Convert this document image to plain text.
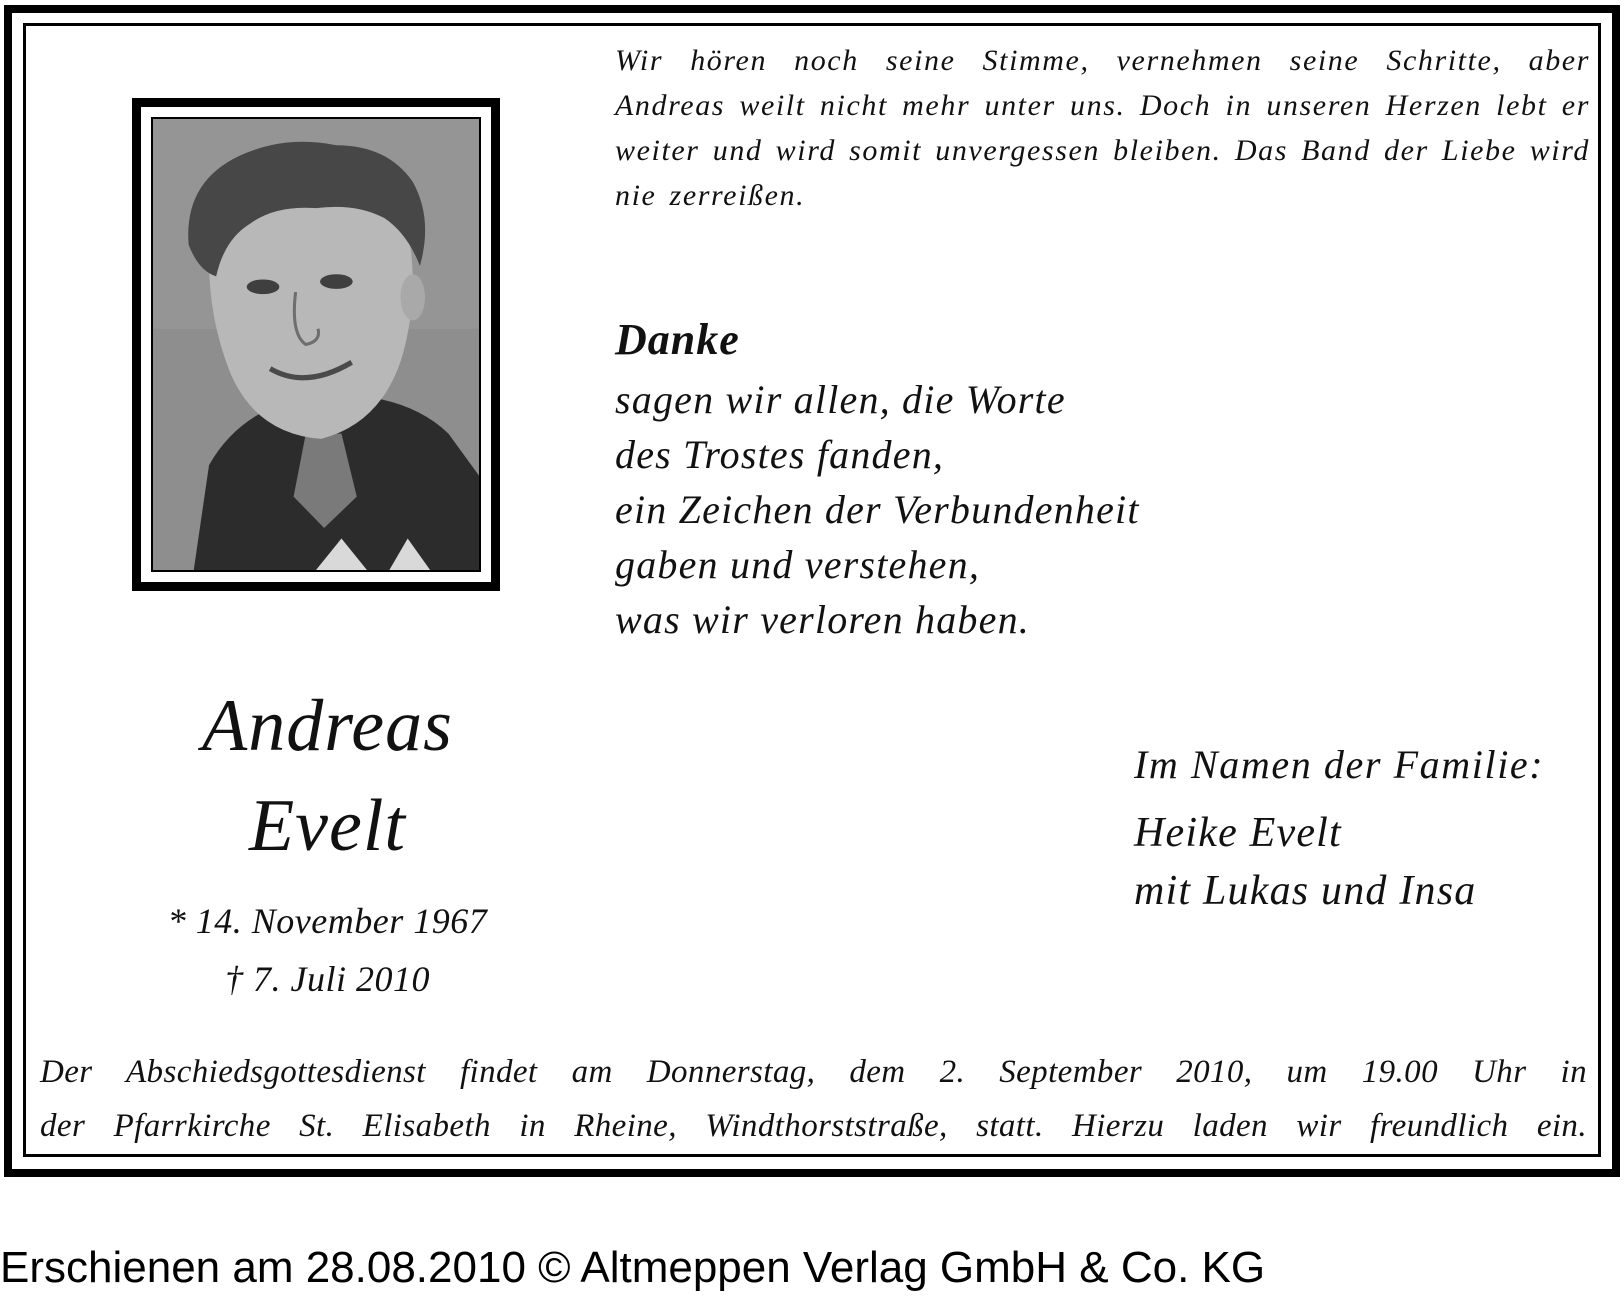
Wir hören noch seine Stimme, vernehmen seine Schritte, aber Andreas weilt nicht mehr unter uns. Doch in unseren Herzen lebt er weiter und wird somit unvergessen bleiben. Das Band der Liebe wird nie zerreißen.
Danke
sagen wir allen, die Worte
des Trostes fanden,
ein Zeichen der Verbundenheit
gaben und verstehen,
was wir verloren haben.
Andreas
Evelt
* 14. November 1967
† 7. Juli 2010
Im Namen der Familie:
Heike Evelt
mit Lukas und Insa
Der Abschiedsgottesdienst findet am Donnerstag, dem 2. September 2010, um 19.00 Uhr in
der Pfarrkirche St. Elisabeth in Rheine, Windthorststraße, statt. Hierzu laden wir freundlich ein.
Erschienen am 28.08.2010 © Altmeppen Verlag GmbH & Co. KG
